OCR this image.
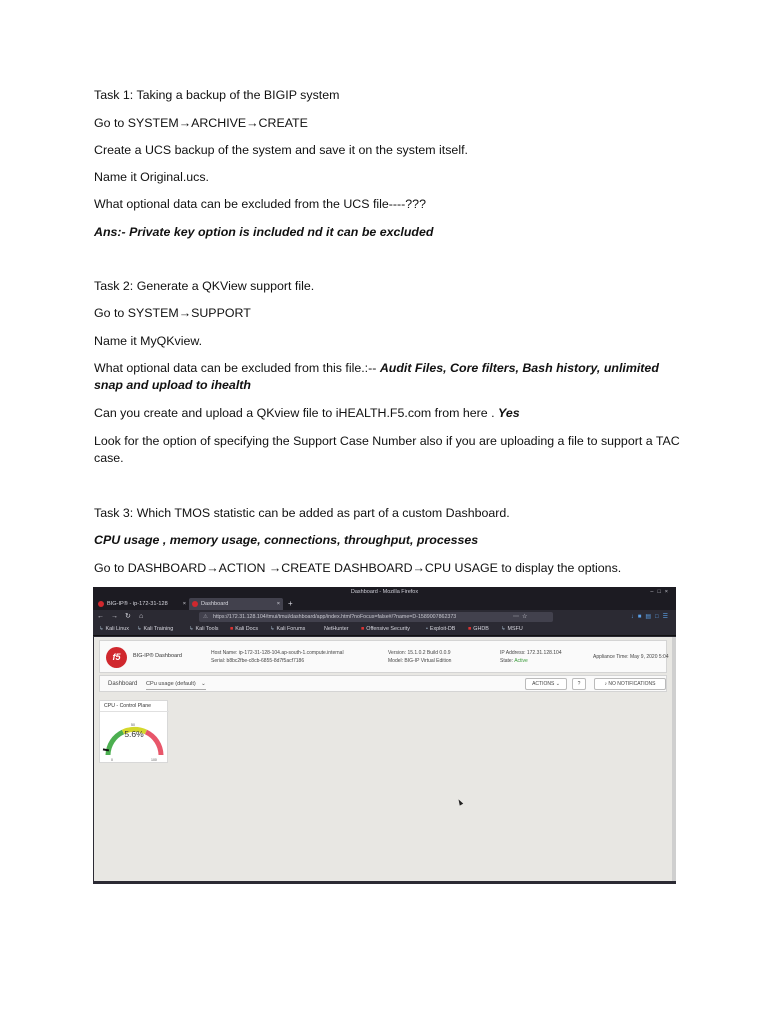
Task 1: Taking a backup of the BIGIP system

Go to SYSTEM→ARCHIVE→CREATE

Create a UCS backup of the system and save it on the system itself.

Name it Original.ucs.

What optional data can be excluded from the UCS file----???

Ans:- Private key option is included nd it can be excluded

Task 2: Generate a QKView support file.

Go to SYSTEM→SUPPORT

Name it MyQKview.

What optional data can be excluded from this file.:-- Audit Files, Core filters, Bash history, unlimited snap and upload to ihealth

Can you create and upload a QKview file to iHEALTH.F5.com from here . Yes

Look for the option of specifying the Support Case Number also if you are uploading a file to support a TAC case.

Task 3: Which TMOS statistic can be added as part of a custom Dashboard.

CPU usage , memory usage, connections, throughput, processes

Go to DASHBOARD→ACTION →CREATE DASHBOARD→CPU USAGE to display the options.

Dashboard - Mozilla Firefox	–□×
BIG-IP® - ip-172-31-128	×	Dashboard	× +
← → ↻ ⌂	⚠ https://172.31.128.104/tmui/tmui/dashboard/app/index.html?noFocus=false#/?name=D-1589007862373	⋯☆	↓■▤□☰
↳ Kali Linux ↳ Kali Training	↳ Kali Tools ■ Kali Docs ↳ Kali Forums	NetHunter ■ Offensive Security	• Exploit-DB ■ GHDB ↳ MSFU
f5	BIG-IP® Dashboard	Host Name: ip-172-31-128-104.ap-south-1.compute.internal
Serial: b8bc2fbe-c8cb-6855-8d7f5acf7186
Version: 15.1.0.2 Build 0.0.9
Model: BIG-IP Virtual Edition
IP Address: 172.31.128.104
State: Active
Appliance Time: May 9, 2020 5:04
Dashboard CPu usage (default) ⌄	ACTIONS ⌄	?	♪ NO NOTIFICATIONS
CPU - Control Plane
0
50
100
5.6%
